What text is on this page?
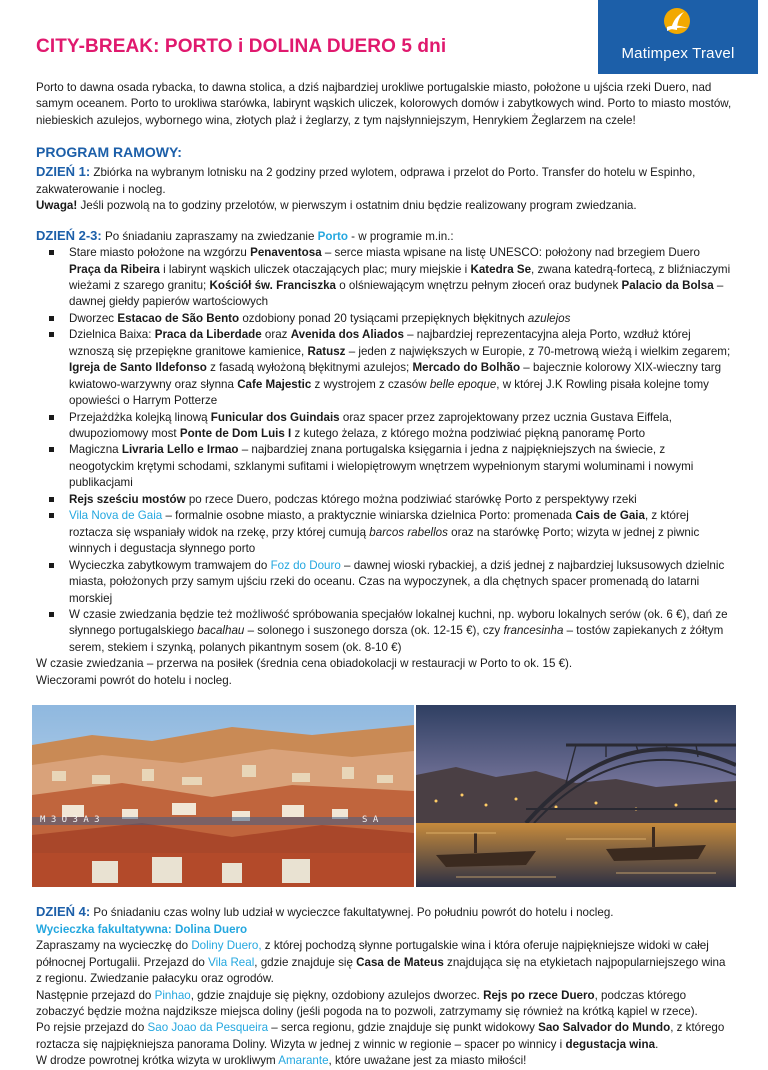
CITY-BREAK: PORTO i DOLINA DUERO 5 dni	Matimpex Travel

Porto to dawna osada rybacka, to dawna stolica, a dziś najbardziej urokliwe portugalskie miasto, położone u ujścia rzeki Duero, nad samym oceanem. Porto to urokliwa starówka, labirynt wąskich uliczek, kolorowych domów i zabytkowych wind. Porto to miasto mostów, niebieskich azulejos, wybornego wina, złotych plaż i żeglarzy, z tym najsłynniejszym, Henrykiem Żeglarzem na czele!

PROGRAM RAMOWY:

DZIEŃ 1: Zbiórka na wybranym lotnisku na 2 godziny przed wylotem, odprawa i przelot do Porto. Transfer do hotelu w Espinho, zakwaterowanie i nocleg.
Uwaga! Jeśli pozwolą na to godziny przelotów, w pierwszym i ostatnim dniu będzie realizowany program zwiedzania.

DZIEŃ 2-3: Po śniadaniu zapraszamy na zwiedzanie Porto - w programie m.in.:

Stare miasto położone na wzgórzu Penaventosa – serce miasta wpisane na listę UNESCO: położony nad brzegiem Duero Praça da Ribeira i labirynt wąskich uliczek otaczających plac; mury miejskie i Katedra Se, zwana katedrą-fortecą, z bliźniaczymi wieżami z szarego granitu; Kościół św. Franciszka o olśniewającym wnętrzu pełnym złoceń oraz budynek Palacio da Bolsa – dawnej giełdy papierów wartościowych
Dworzec Estacao de São Bento ozdobiony ponad 20 tysiącami przepięknych błękitnych azulejos
Dzielnica Baixa: Praca da Liberdade oraz Avenida dos Aliados – najbardziej reprezentacyjna aleja Porto, wzdłuż której wznoszą się przepiękne granitowe kamienice, Ratusz – jeden z największych w Europie, z 70-metrową wieżą i wielkim zegarem; Igreja de Santo Ildefonso z fasadą wyłożoną błękitnymi azulejos; Mercado do Bolhão – bajecznie kolorowy XIX-wieczny targ kwiatowo-warzywny oraz słynna Cafe Majestic z wystrojem z czasów belle epoque, w której J.K Rowling pisała kolejne tomy opowieści o Harrym Potterze
Przejażdżka kolejką linową Funicular dos Guindais oraz spacer przez zaprojektowany przez ucznia Gustava Eiffela, dwupoziomowy most Ponte de Dom Luis I z kutego żelaza, z którego można podziwiać piękną panoramę Porto
Magiczna Livraria Lello e Irmao – najbardziej znana portugalska księgarnia i jedna z najpiękniejszych na świecie, z neogotyckim krętymi schodami, szklanymi sufitami i wielopiętrowym wnętrzem wypełnionym starymi woluminami i nowymi publikacjami
Rejs sześciu mostów po rzece Duero, podczas którego można podziwiać starówkę Porto z perspektywy rzeki
Vila Nova de Gaia – formalnie osobne miasto, a praktycznie winiarska dzielnica Porto: promenada Cais de Gaia, z której roztacza się wspaniały widok na rzekę, przy której cumują barcos rabellos oraz na starówkę Porto; wizyta w jednej z piwnic winnych i degustacja słynnego porto
Wycieczka zabytkowym tramwajem do Foz do Douro – dawnej wioski rybackiej, a dziś jednej z najbardziej luksusowych dzielnic miasta, położonych przy samym ujściu rzeki do oceanu. Czas na wypoczynek, a dla chętnych spacer promenadą do latarni morskiej
W czasie zwiedzania będzie też możliwość spróbowania specjałów lokalnej kuchni, np. wyboru lokalnych serów (ok. 6 €), dań ze słynnego portugalskiego bacalhau – solonego i suszonego dorsza (ok. 12-15 €), czy francesinha – tostów zapiekanych z żółtym serem, stekiem i szynką, polanych pikantnym sosem (ok. 8-10 €)

W czasie zwiedzania – przerwa na posiłek (średnia cena obiadokolacji w restauracji w Porto to ok. 15 €).
Wieczorami powrót do hotelu i nocleg.

M 3 O 3 A 3	S A

DZIEŃ 4: Po śniadaniu czas wolny lub udział w wycieczce fakultatywnej. Po południu powrót do hotelu i nocleg.

Wycieczka fakultatywna: Dolina Duero

Zapraszamy na wycieczkę do Doliny Duero, z której pochodzą słynne portugalskie wina i która oferuje najpiękniejsze widoki w całej północnej Portugalii. Przejazd do Vila Real, gdzie znajduje się Casa de Mateus znajdująca się na etykietach najpopularniejszego wina z regionu. Zwiedzanie pałacyku oraz ogrodów.

Następnie przejazd do Pinhao, gdzie znajduje się piękny, ozdobiony azulejos dworzec. Rejs po rzece Duero, podczas którego zobaczyć będzie można najdziksze miejsca doliny (jeśli pogoda na to pozwoli, zatrzymamy się również na krótką kąpiel w rzece).

Po rejsie przejazd do Sao Joao da Pesqueira – serca regionu, gdzie znajduje się punkt widokowy Sao Salvador do Mundo, z którego roztacza się najpiękniejsza panorama Doliny. Wizyta w jednej z winnic w regionie – spacer po winnicy i degustacja wina.

W drodze powrotnej krótka wizyta w urokliwym Amarante, które uważane jest za miasto miłości!
